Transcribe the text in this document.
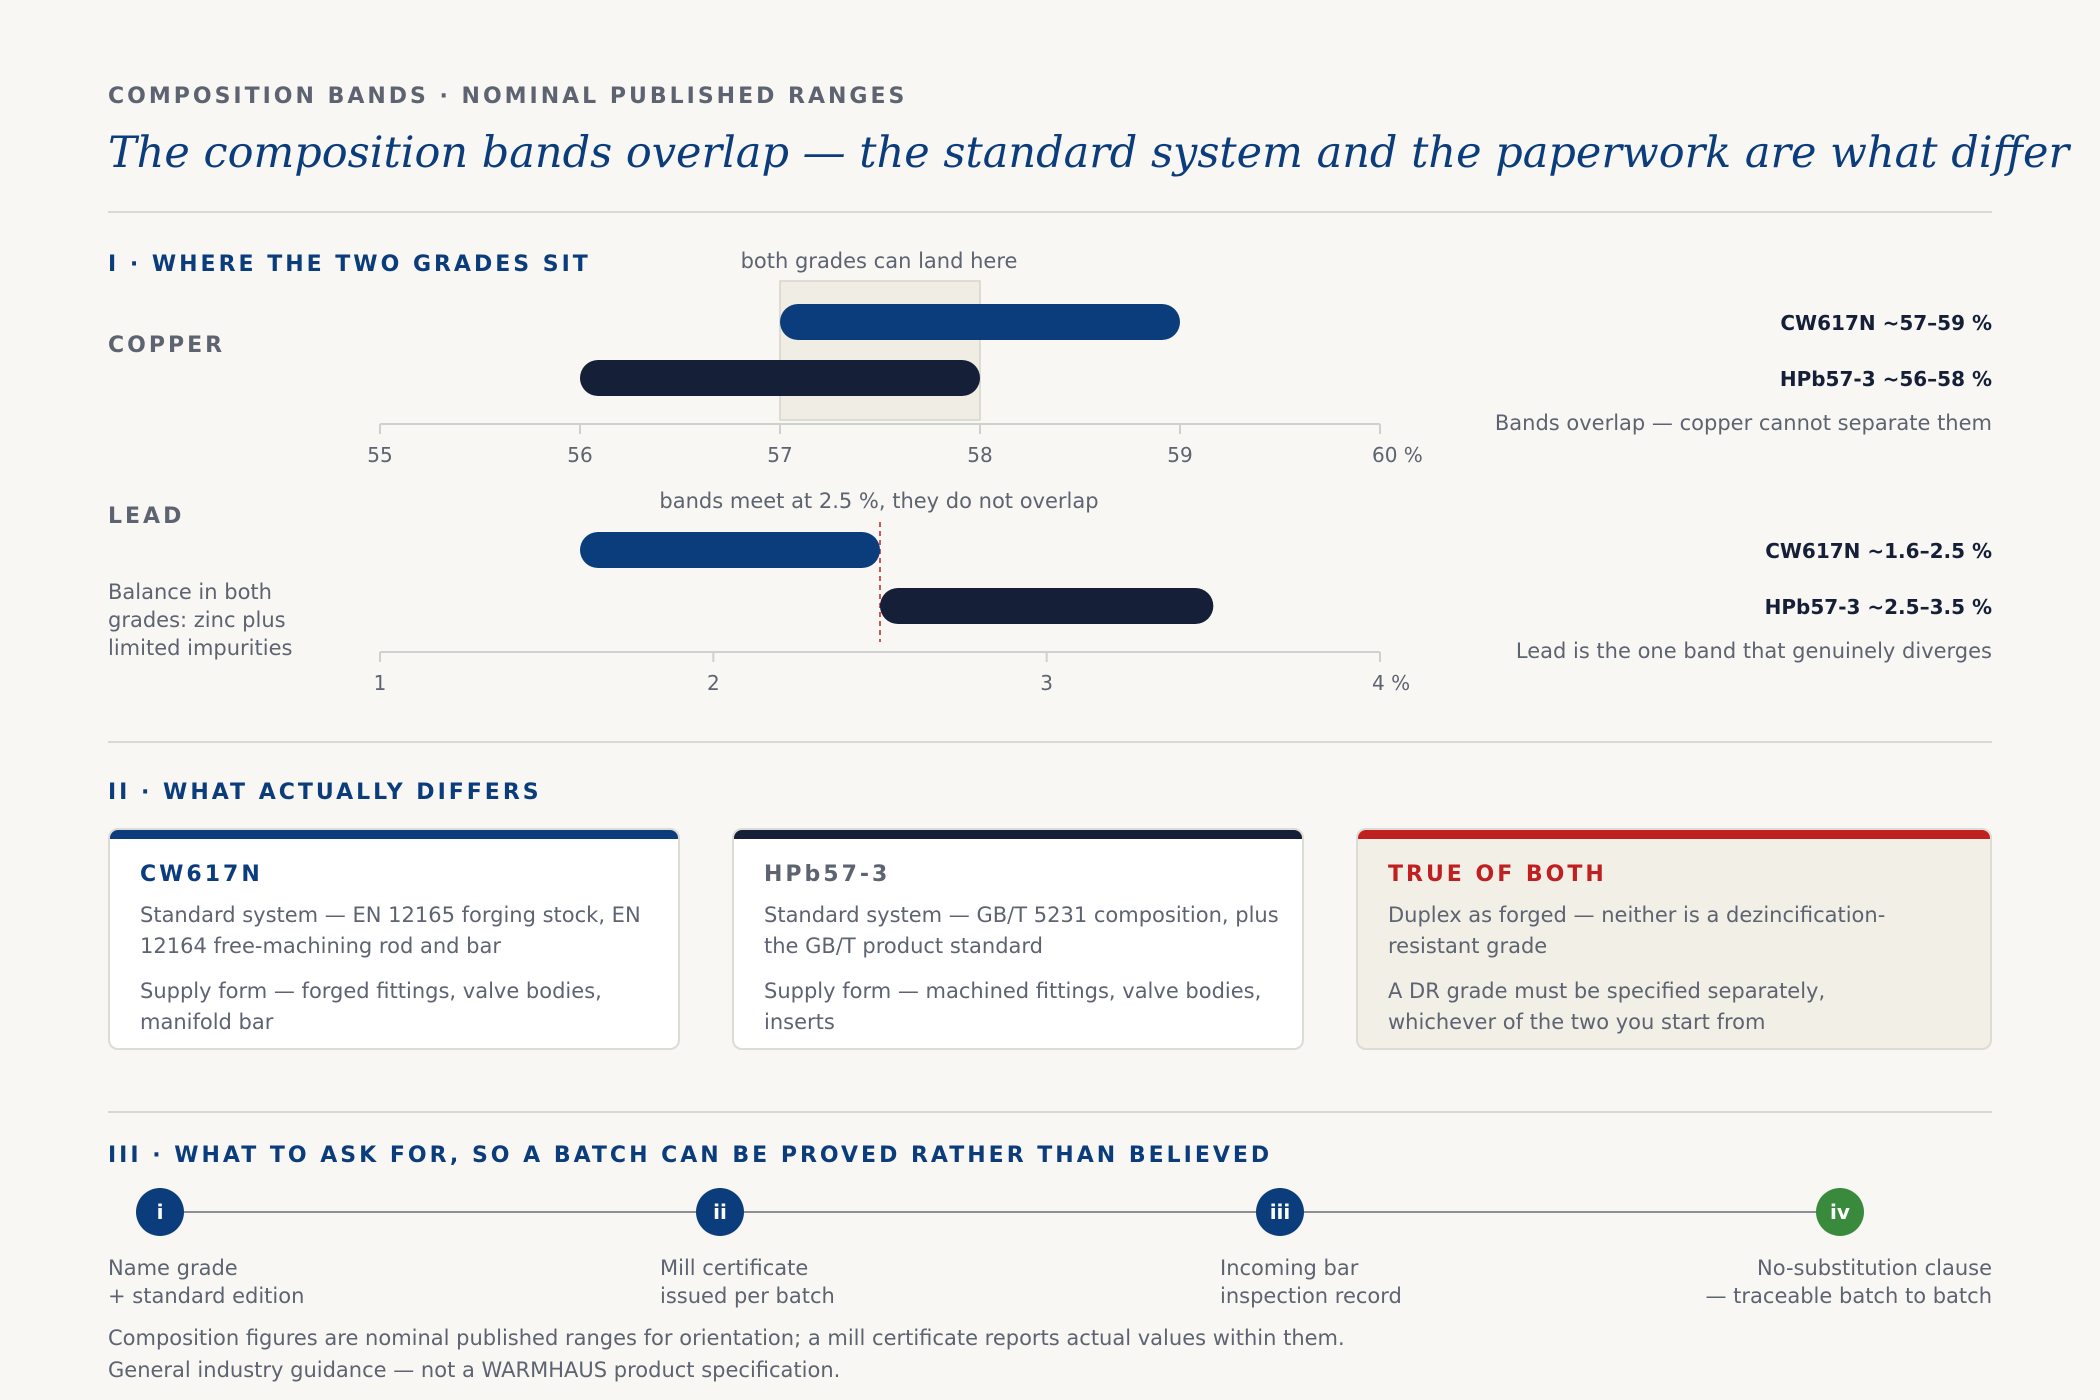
COMPOSITION BANDS · NOMINAL PUBLISHED RANGES
The composition bands overlap — the standard system and the paperwork are what differ
I · WHERE THE TWO GRADES SIT
COPPER
LEAD
Balance in both grades: zinc plus limited impurities
55	56	57	58	59	60 %
both grades can land here
1	2	3	4 %
bands meet at 2.5 %, they do not overlap
CW617N ~57–59 %
HPb57-3 ~56–58 %
Bands overlap — copper cannot separate them
CW617N ~1.6–2.5 %
HPb57-3 ~2.5–3.5 %
Lead is the one band that genuinely diverges
II · WHAT ACTUALLY DIFFERS
CW617N
Standard system — EN 12165 forging stock, EN 12164 free-machining rod and bar
Supply form — forged fittings, valve bodies, manifold bar
HPb57-3
Standard system — GB/T 5231 composition, plus the GB/T product standard
Supply form — machined fittings, valve bodies, inserts
TRUE OF BOTH
Duplex as forged — neither is a dezincification-resistant grade
A DR grade must be specified separately, whichever of the two you start from
III · WHAT TO ASK FOR, SO A BATCH CAN BE PROVED RATHER THAN BELIEVED
i	ii	iii	iv
Name grade
+ standard edition
Mill certificate
issued per batch
Incoming bar
inspection record
No-substitution clause
— traceable batch to batch
Composition figures are nominal published ranges for orientation; a mill certificate reports actual values within them.
General industry guidance — not a WARMHAUS product specification.
